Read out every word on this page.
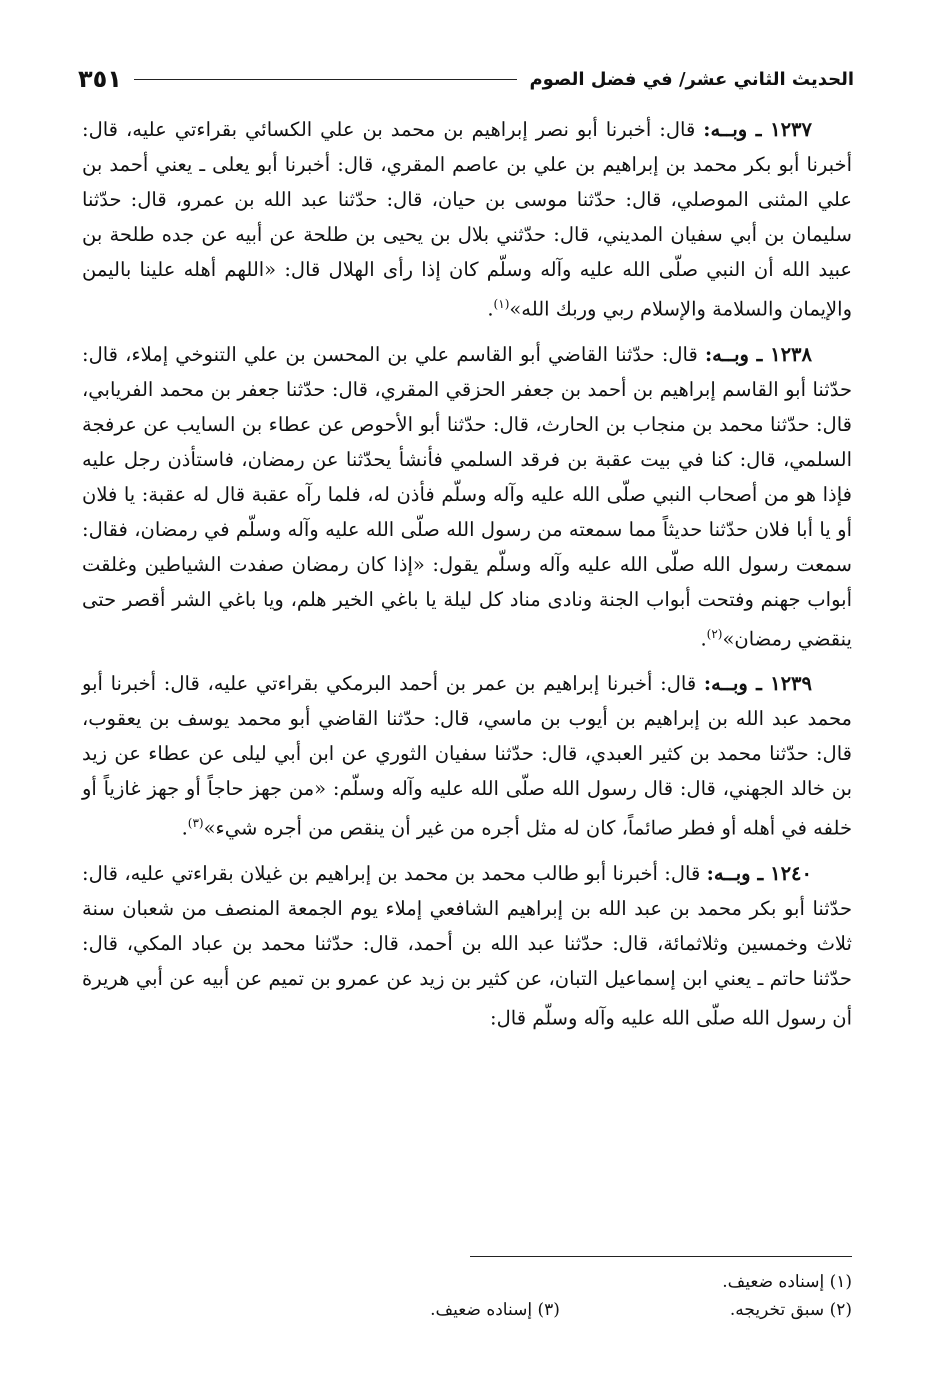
الحديث الثاني عشر/ في فضل الصوم
٣٥١

١٢٣٧ ـ وبــه: قال: أخبرنا أبو نصر إبراهيم بن محمد بن علي الكسائي بقراءتي عليه، قال: أخبرنا أبو بكر محمد بن إبراهيم بن علي بن عاصم المقري، قال: أخبرنا أبو يعلى ـ يعني أحمد بن علي المثنى الموصلي، قال: حدّثنا موسى بن حيان، قال: حدّثنا عبد الله بن عمرو، قال: حدّثنا سليمان بن أبي سفيان المديني، قال: حدّثني بلال بن يحيى بن طلحة عن أبيه عن جده طلحة بن عبيد الله أن النبي صلّى الله عليه وآله وسلّم كان إذا رأى الهلال قال: «اللهم أهله علينا باليمن والإيمان والسلامة والإسلام ربي وربك الله»$^{(١)}$.

١٢٣٨ ـ وبــه: قال: حدّثنا القاضي أبو القاسم علي بن المحسن بن علي التنوخي إملاء، قال: حدّثنا أبو القاسم إبراهيم بن أحمد بن جعفر الحزقي المقري، قال: حدّثنا جعفر بن محمد الفريابي، قال: حدّثنا محمد بن منجاب بن الحارث، قال: حدّثنا أبو الأحوص عن عطاء بن السايب عن عرفجة السلمي، قال: كنا في بيت عقبة بن فرقد السلمي فأنشأ يحدّثنا عن رمضان، فاستأذن رجل عليه فإذا هو من أصحاب النبي صلّى الله عليه وآله وسلّم فأذن له، فلما رآه عقبة قال له عقبة: يا فلان أو يا أبا فلان حدّثنا حديثاً مما سمعته من رسول الله صلّى الله عليه وآله وسلّم في رمضان، فقال: سمعت رسول الله صلّى الله عليه وآله وسلّم يقول: «إذا كان رمضان صفدت الشياطين وغلقت أبواب جهنم وفتحت أبواب الجنة ونادى مناد كل ليلة يا باغي الخير هلم، ويا باغي الشر أقصر حتى ينقضي رمضان»$^{(٢)}$.

١٢٣٩ ـ وبــه: قال: أخبرنا إبراهيم بن عمر بن أحمد البرمكي بقراءتي عليه، قال: أخبرنا أبو محمد عبد الله بن إبراهيم بن أيوب بن ماسي، قال: حدّثنا القاضي أبو محمد يوسف بن يعقوب، قال: حدّثنا محمد بن كثير العبدي، قال: حدّثنا سفيان الثوري عن ابن أبي ليلى عن عطاء عن زيد بن خالد الجهني، قال: قال رسول الله صلّى الله عليه وآله وسلّم: «من جهز حاجاً أو جهز غازياً أو خلفه في أهله أو فطر صائماً، كان له مثل أجره من غير أن ينقص من أجره شيء»$^{(٣)}$.

١٢٤٠ ـ وبــه: قال: أخبرنا أبو طالب محمد بن محمد بن إبراهيم بن غيلان بقراءتي عليه، قال: حدّثنا أبو بكر محمد بن عبد الله بن إبراهيم الشافعي إملاء يوم الجمعة المنصف من شعبان سنة ثلاث وخمسين وثلاثمائة، قال: حدّثنا عبد الله بن أحمد، قال: حدّثنا محمد بن عباد المكي، قال: حدّثنا حاتم ـ يعني ابن إسماعيل التبان، عن كثير بن زيد عن عمرو بن تميم عن أبيه عن أبي هريرة أن رسول الله صلّى الله عليه وآله وسلّم قال:

(١) إسناده ضعيف.
(٢) سبق تخريجه.
(٣) إسناده ضعيف.
